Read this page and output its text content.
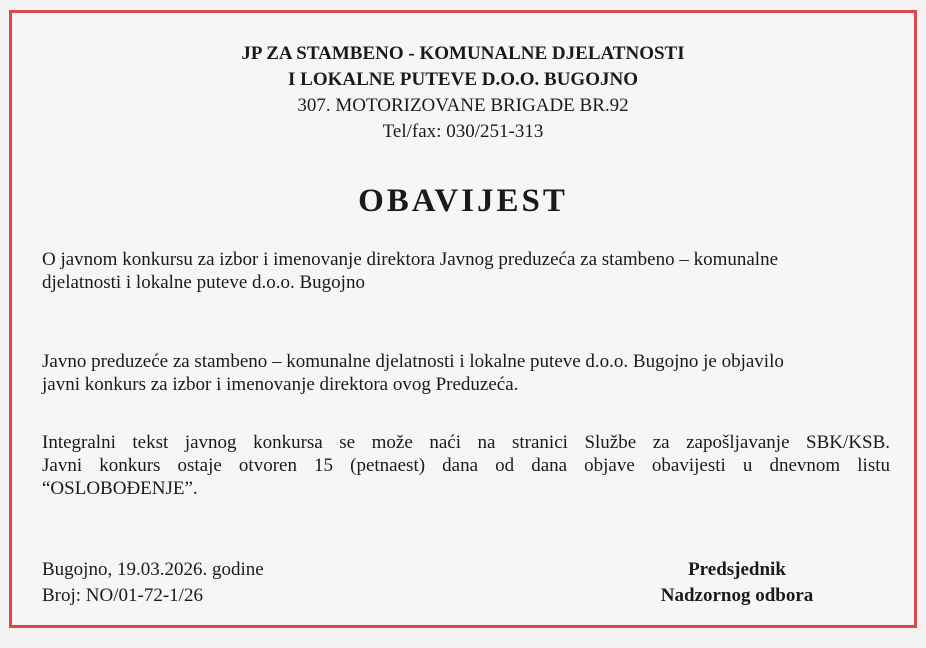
JP ZA STAMBENO - KOMUNALNE DJELATNOSTI
I LOKALNE PUTEVE D.O.O. BUGOJNO
307. MOTORIZOVANE BRIGADE BR.92
Tel/fax: 030/251-313
OBAVIJEST
O javnom konkursu za izbor i imenovanje direktora Javnog preduzeća za stambeno – komunalne
djelatnosti i lokalne puteve d.o.o. Bugojno
Javno preduzeće za stambeno – komunalne djelatnosti i lokalne puteve d.o.o. Bugojno je objavilo
javni konkurs za izbor i imenovanje direktora ovog Preduzeća.
Integralni tekst javnog konkursa se može naći na stranici Službe za zapošljavanje SBK/KSB.
Javni konkurs ostaje otvoren 15 (petnaest) dana od dana objave obavijesti u dnevnom listu
“OSLOBOĐENJE”.
Bugojno, 19.03.2026. godine
Broj: NO/01-72-1/26
Predsjednik
Nadzornog odbora
